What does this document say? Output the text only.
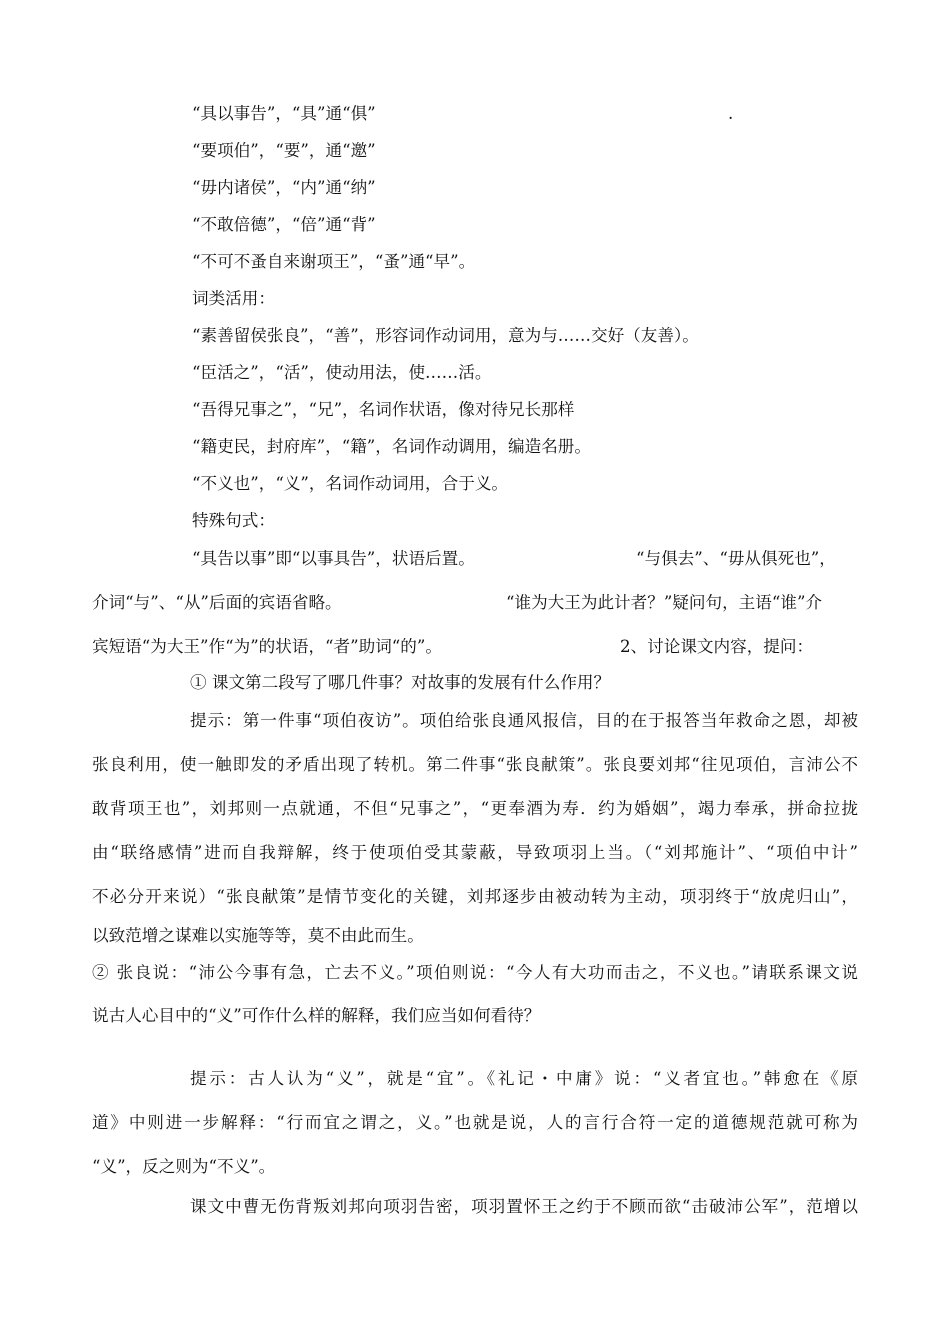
“具以事告”，“具”通“俱”	.
“要项伯”，“要”，通“邀”
“毋内诸侯”，“内”通“纳”
“不敢倍德”，“倍”通“背”
“不可不蚤自来谢项王”，“蚤”通“早”。
词类活用：
“素善留侯张良”，“善”，形容词作动词用，意为与……交好（友善）。
“臣活之”，“活”，使动用法，使……活。
“吾得兄事之”，“兄”，名词作状语，像对待兄长那样
“籍吏民，封府库”，“籍”，名词作动调用，编造名册。
“不义也”，“义”，名词作动词用，合于义。
特殊句式：
“具告以事”即“以事具告”，状语后置。	“与俱去”、“毋从俱死也”，
介词“与”、“从”后面的宾语省略。	“谁为大王为此计者？”疑问句，主语“谁”介
宾短语“为大王”作“为”的状语，“者”助词“的”。	2、讨论课文内容，提问：
① 课文第二段写了哪几件事？对故事的发展有什么作用？
提示：第一件事“项伯夜访”。项伯给张良通风报信，目的在于报答当年救命之恩，却被
张良利用，使一触即发的矛盾出现了转机。第二件事“张良献策”。张良要刘邦“往见项伯，言沛公不
敢背项王也”，刘邦则一点就通，不但“兄事之”，“更奉酒为寿．约为婚姻”，竭力奉承，拼命拉拢
由“联络感情”进而自我辩解，终于使项伯受其蒙蔽，导致项羽上当。（“刘邦施计”、“项伯中计”
不必分开来说）“张良献策”是情节变化的关键，刘邦逐步由被动转为主动，项羽终于“放虎归山”，
以致范增之谋难以实施等等，莫不由此而生。
② 张良说：“沛公今事有急，亡去不义。”项伯则说：“今人有大功而击之，不义也。”请联系课文说
说古人心目中的“义”可作什么样的解释，我们应当如何看待？
提示：古人认为“义”，就是“宜”。《礼记・中庸》说：“义者宜也。”韩愈在《原
道》中则进一步解释：“行而宜之谓之，义。”也就是说，人的言行合符一定的道德规范就可称为
“义”，反之则为“不义”。
课文中曹无伤背叛刘邦向项羽告密，项羽置怀王之约于不顾而欲“击破沛公军”，范增以
